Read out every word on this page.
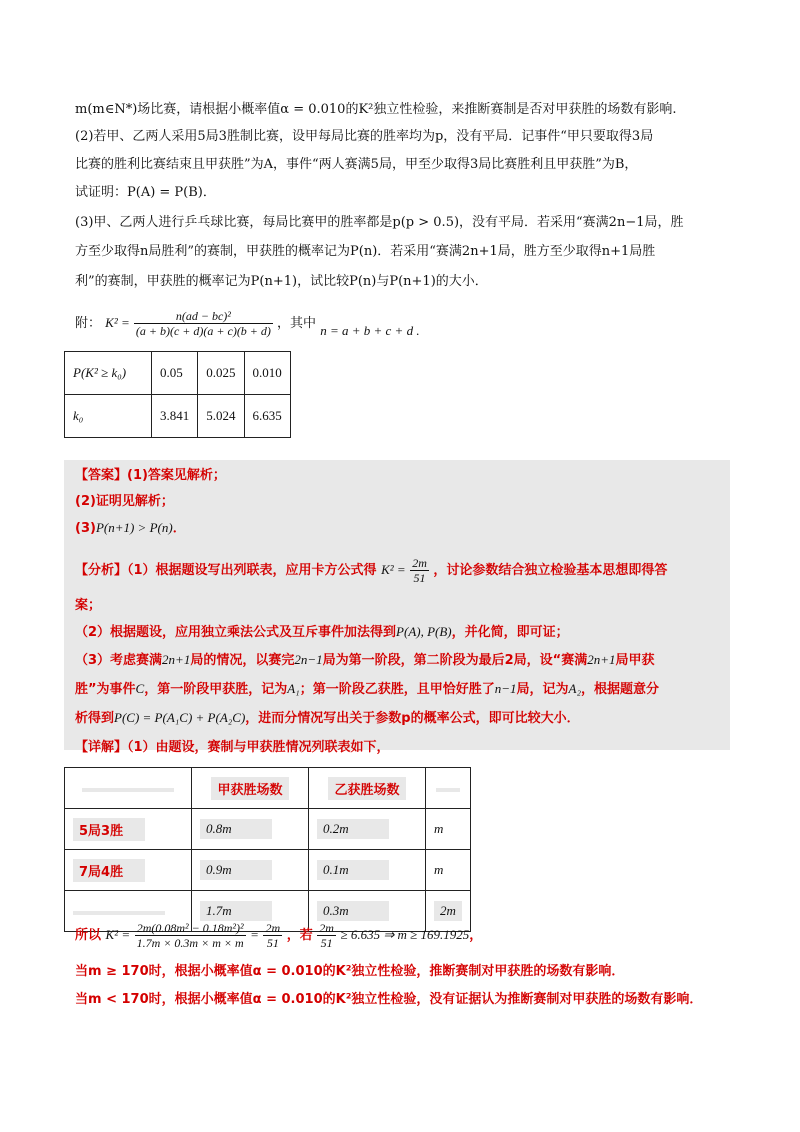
m(m∈N*)场比赛，请根据小概率值α = 0.010的K²独立性检验，来推断赛制是否对甲获胜的场数有影响.
(2)若甲、乙两人采用5局3胜制比赛，设甲每局比赛的胜率均为p，没有平局．记事件“甲只要取得3局
比赛的胜利比赛结束且甲获胜”为A，事件“两人赛满5局，甲至少取得3局比赛胜利且甲获胜”为B，
试证明：P(A) = P(B)．
(3)甲、乙两人进行乒乓球比赛，每局比赛甲的胜率都是p(p > 0.5)，没有平局．若采用“赛满2n−1局，胜
方至少取得n局胜利”的赛制，甲获胜的概率记为P(n)．若采用“赛满2n+1局，胜方至少取得n+1局胜
利”的赛制，甲获胜的概率记为P(n+1)，试比较P(n)与P(n+1)的大小．
附： $K^2 = \frac{\text{n(ad − bc)²}}{(a + b)(c + d)(a + c)(b + d)}$ ，其中 n = a + b + c + d .
P(K² ≥ k₀)	0.05	0.025	0.010
k₀	3.841	5.024	6.635
【答案】(1)答案见解析；
(2)证明见解析；
(3)P(n+1) > P(n)．
【分析】（1）根据题设写出列联表，应用卡方公式得 $K^2 = \frac{2m}{51}$ ，讨论参数结合独立检验基本思想即得答
案；
（2）根据题设，应用独立乘法公式及互斥事件加法得到P(A), P(B)，并化简，即可证；
（3）考虑赛满2n+1局的情况，以赛完2n−1局为第一阶段，第二阶段为最后2局，设“赛满2n+1局甲获
胜”为事件C，第一阶段甲获胜，记为A₁；第一阶段乙获胜，且甲恰好胜了n−1局，记为A₂，根据题意分
析得到P(C) = P(A₁C) + P(A₂C)，进而分情况写出关于参数p的概率公式，即可比较大小．
【详解】（1）由题设，赛制与甲获胜情况列联表如下，
	甲获胜场数	乙获胜场数	
5局3胜	0.8m	0.2m	m
7局4胜	0.9m	0.1m	m
	1.7m	0.3m	2m
所以 $K^2 = \frac{\text{2m(0.08m² − 0.18m²)²}}{1.7m \times 0.3m \times m \times m} = \frac{2m}{51}$ ，若 $\frac{2m}{51} \ge 6.635$ ⇒ m ≥ 169.1925，
当m ≥ 170时，根据小概率值α = 0.010的K²独立性检验，推断赛制对甲获胜的场数有影响．
当m < 170时，根据小概率值α = 0.010的K²独立性检验，没有证据认为推断赛制对甲获胜的场数有影响．
